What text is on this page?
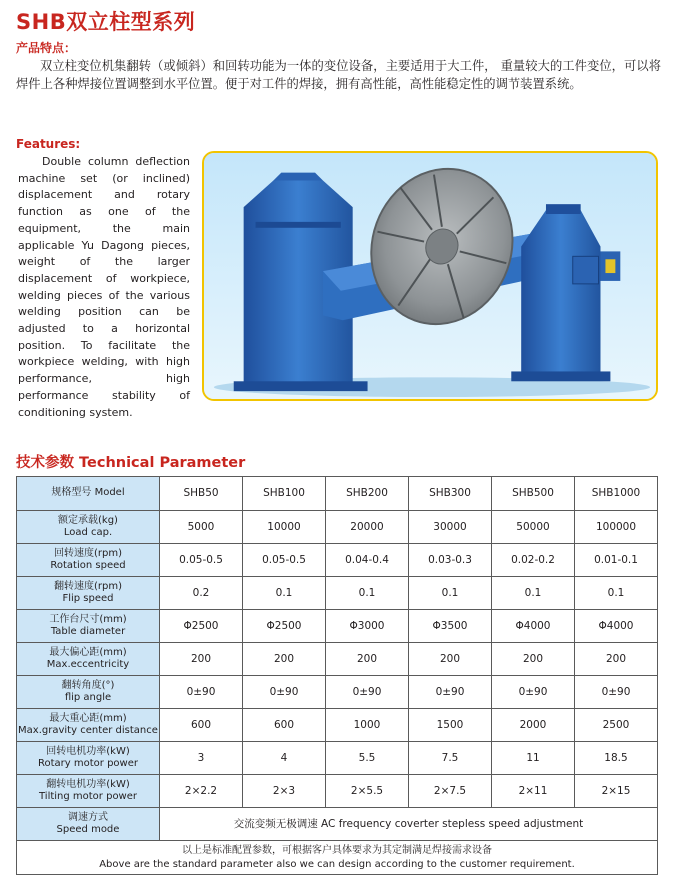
SHB双立柱型系列
产品特点：
双立柱变位机集翻转（或倾斜）和回转功能为一体的变位设备，主要适用于大工件， 重量较大的工件变位，可以将焊件上各种焊接位置调整到水平位置。便于对工件的焊接，拥有高性能，高性能稳定性的调节装置系统。
Features:
Double column deflection machine set (or inclined) displacement and rotary function as one of the equipment, the main applicable Yu Dagong pieces, weight of the larger displacement of workpiece, welding pieces of the various welding position can be adjusted to a horizontal position. To facilitate the workpiece welding, with high performance, high performance stability of conditioning system.
技术参数 Technical Parameter
规格型号 Model	SHB50	SHB100	SHB200	SHB300	SHB500	SHB1000
额定承载(kg)
Load cap.	5000	10000	20000	30000	50000	100000
回转速度(rpm)
Rotation speed	0.05-0.5	0.05-0.5	0.04-0.4	0.03-0.3	0.02-0.2	0.01-0.1
翻转速度(rpm)
Flip speed	0.2	0.1	0.1	0.1	0.1	0.1
工作台尺寸(mm)
Table diameter	Φ2500	Φ2500	Φ3000	Φ3500	Φ4000	Φ4000
最大偏心距(mm)
Max.eccentricity	200	200	200	200	200	200
翻转角度(°)
flip angle	0±90	0±90	0±90	0±90	0±90	0±90
最大重心距(mm)
Max.gravity center distance	600	600	1000	1500	2000	2500
回转电机功率(kW)
Rotary motor power	3	4	5.5	7.5	11	18.5
翻转电机功率(kW)
Tilting motor power	2×2.2	2×3	2×5.5	2×7.5	2×11	2×15
调速方式
Speed mode	交流变频无极调速 AC frequency coverter stepless speed adjustment					
以上是标准配置参数，可根据客户具体要求为其定制满足焊接需求设备
Above are the standard parameter also we can design according to the customer requirement.						
